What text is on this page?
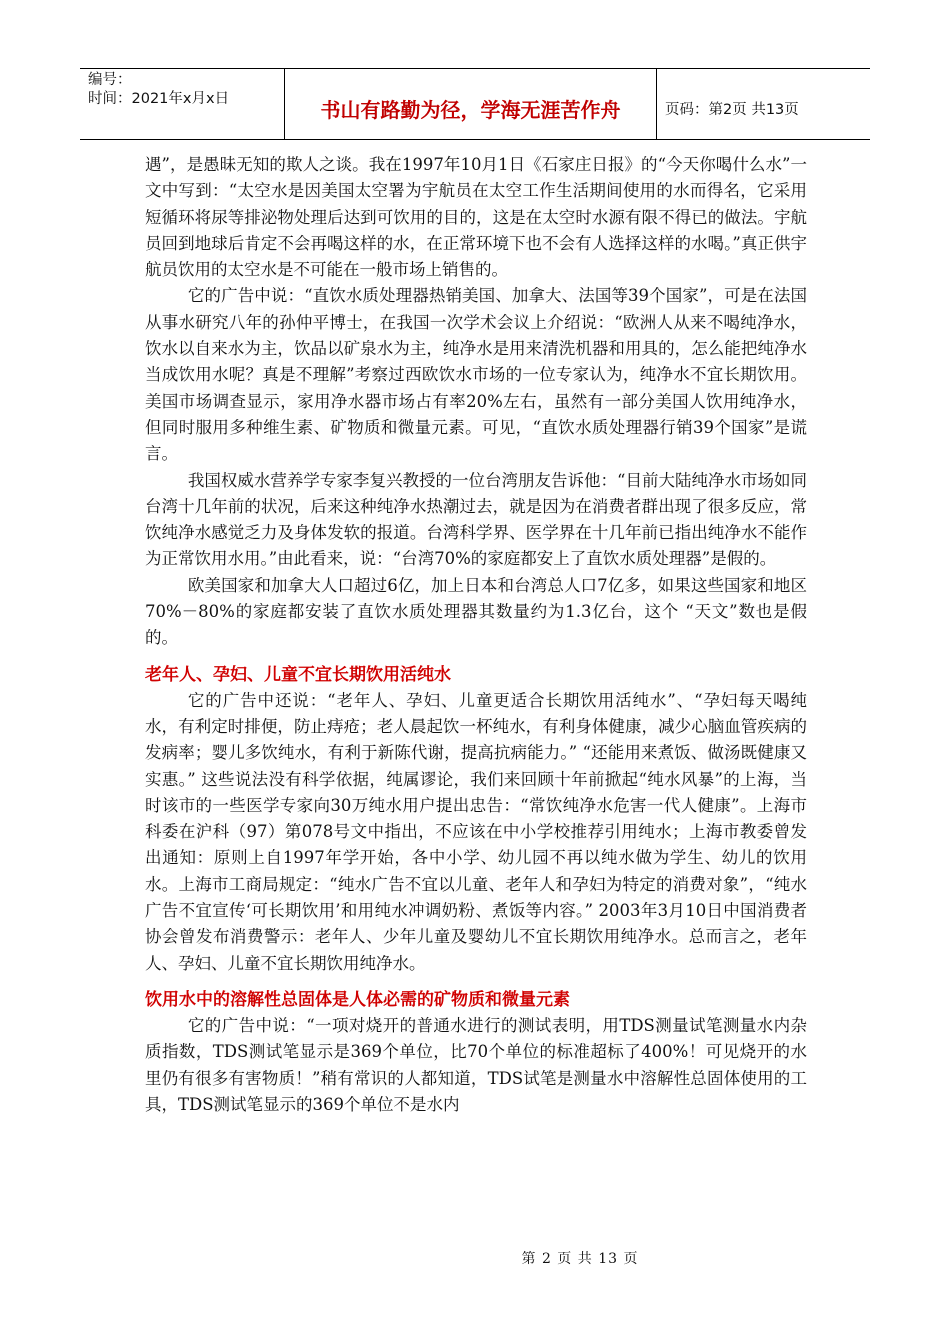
编号：
时间：2021年x月x日	书山有路勤为径，学海无涯苦作舟	页码：第2页 共13页

遇”，是愚昧无知的欺人之谈。我在1997年10月1日《石家庄日报》的“今天你喝什么水”一文中写到：“太空水是因美国太空署为宇航员在太空工作生活期间使用的水而得名，它采用短循环将尿等排泌物处理后达到可饮用的目的，这是在太空时水源有限不得已的做法。宇航员回到地球后肯定不会再喝这样的水，在正常环境下也不会有人选择这样的水喝。”真正供宇航员饮用的太空水是不可能在一般市场上销售的。

它的广告中说：“直饮水质处理器热销美国、加拿大、法国等39个国家”，可是在法国从事水研究八年的孙仲平博士，在我国一次学术会议上介绍说：“欧洲人从来不喝纯净水，饮水以自来水为主，饮品以矿泉水为主，纯净水是用来清洗机器和用具的，怎么能把纯净水当成饮用水呢？真是不理解”考察过西欧饮水市场的一位专家认为，纯净水不宜长期饮用。美国市场调查显示，家用净水器市场占有率20%左右，虽然有一部分美国人饮用纯净水，但同时服用多种维生素、矿物质和微量元素。可见，“直饮水质处理器行销39个国家”是谎言。

我国权威水营养学专家李复兴教授的一位台湾朋友告诉他：“目前大陆纯净水市场如同台湾十几年前的状况，后来这种纯净水热潮过去，就是因为在消费者群出现了很多反应，常饮纯净水感觉乏力及身体发软的报道。台湾科学界、医学界在十几年前已指出纯净水不能作为正常饮用水用。”由此看来，说：“台湾70%的家庭都安上了直饮水质处理器”是假的。

欧美国家和加拿大人口超过6亿，加上日本和台湾总人口7亿多，如果这些国家和地区70%－80%的家庭都安装了直饮水质处理器其数量约为1.3亿台，这个 “天文”数也是假的。

老年人、孕妇、儿童不宜长期饮用活纯水

它的广告中还说：“老年人、孕妇、儿童更适合长期饮用活纯水”、“孕妇每天喝纯水，有利定时排便，防止痔疮；老人晨起饮一杯纯水，有利身体健康，减少心脑血管疾病的发病率；婴儿多饮纯水，有利于新陈代谢，提高抗病能力。” “还能用来煮饭、做汤既健康又实惠。” 这些说法没有科学依据，纯属谬论，我们来回顾十年前掀起“纯水风暴”的上海，当时该市的一些医学专家向30万纯水用户提出忠告：“常饮纯净水危害一代人健康”。上海市科委在沪科（97）第078号文中指出，不应该在中小学校推荐引用纯水；上海市教委曾发出通知：原则上自1997年学开始，各中小学、幼儿园不再以纯水做为学生、幼儿的饮用水。上海市工商局规定：“纯水广告不宜以儿童、老年人和孕妇为特定的消费对象”，“纯水广告不宜宣传‘可长期饮用’和用纯水冲调奶粉、煮饭等内容。” 2003年3月10日中国消费者协会曾发布消费警示：老年人、少年儿童及婴幼儿不宜长期饮用纯净水。总而言之，老年人、孕妇、儿童不宜长期饮用纯净水。

饮用水中的溶解性总固体是人体必需的矿物质和微量元素

它的广告中说：“一项对烧开的普通水进行的测试表明，用TDS测量试笔测量水内杂质指数，TDS测试笔显示是369个单位，比70个单位的标准超标了400%！可见烧开的水里仍有很多有害物质！”稍有常识的人都知道，TDS试笔是测量水中溶解性总固体使用的工具，TDS测试笔显示的369个单位不是水内

第 2 页 共 13 页
